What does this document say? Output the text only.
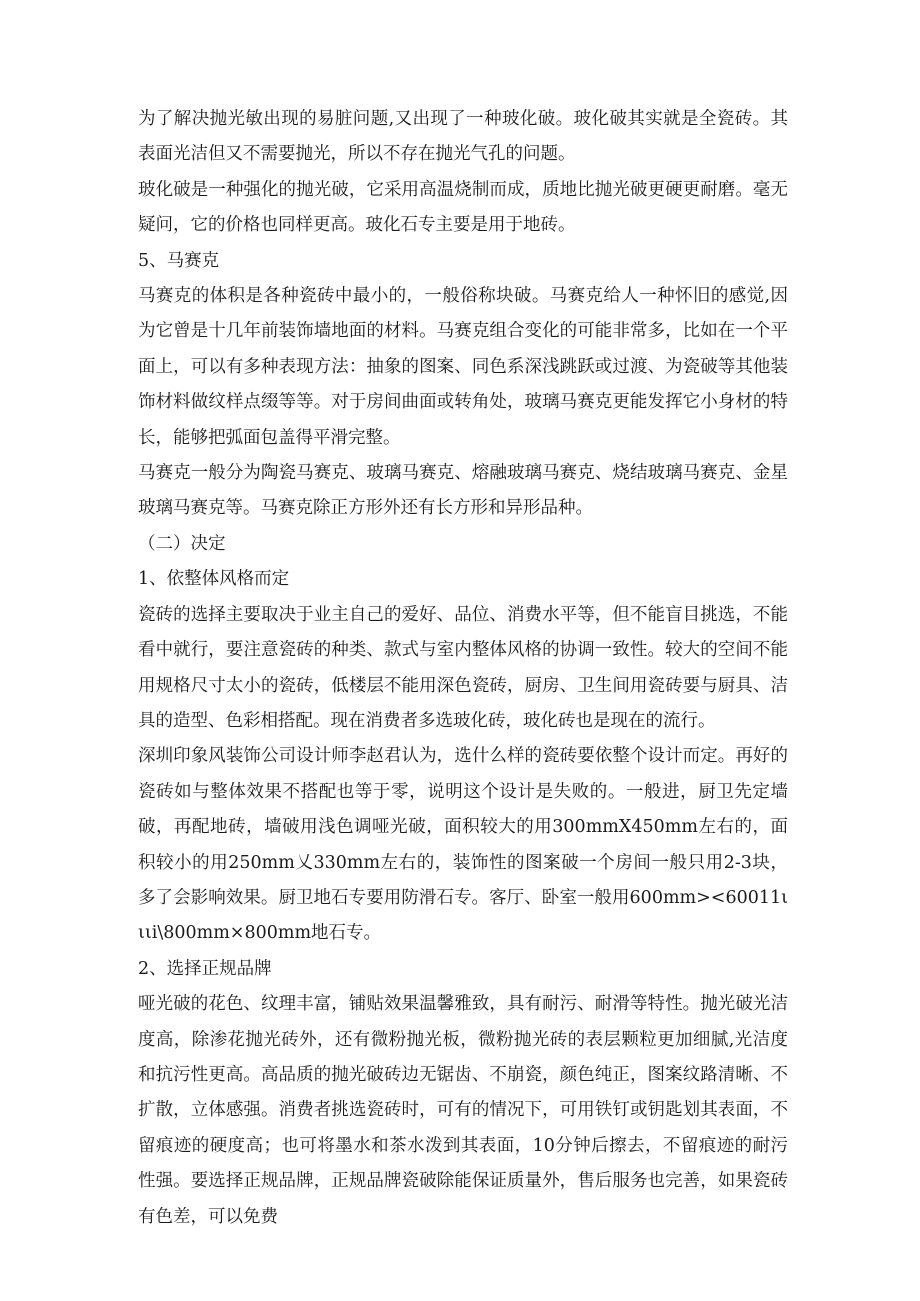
为了解决抛光敏出现的易脏问题,又出现了一种玻化破。玻化破其实就是全瓷砖。其表面光洁但又不需要抛光，所以不存在抛光气孔的问题。

玻化破是一种强化的抛光破，它采用高温烧制而成，质地比抛光破更硬更耐磨。毫无疑问，它的价格也同样更高。玻化石专主要是用于地砖。

5、马赛克

马赛克的体积是各种瓷砖中最小的，一般俗称块破。马赛克给人一种怀旧的感觉,因为它曾是十几年前装饰墙地面的材料。马赛克组合变化的可能非常多，比如在一个平面上，可以有多种表现方法：抽象的图案、同色系深浅跳跃或过渡、为瓷破等其他装饰材料做纹样点缀等等。对于房间曲面或转角处，玻璃马赛克更能发挥它小身材的特长，能够把弧面包盖得平滑完整。

马赛克一般分为陶瓷马赛克、玻璃马赛克、熔融玻璃马赛克、烧结玻璃马赛克、金星玻璃马赛克等。马赛克除正方形外还有长方形和异形品种。

（二）决定

1、依整体风格而定

瓷砖的选择主要取决于业主自己的爱好、品位、消费水平等，但不能盲目挑选，不能看中就行，要注意瓷砖的种类、款式与室内整体风格的协调一致性。较大的空间不能用规格尺寸太小的瓷砖，低楼层不能用深色瓷砖，厨房、卫生间用瓷砖要与厨具、洁具的造型、色彩相搭配。现在消费者多选玻化砖，玻化砖也是现在的流行。

深圳印象风装饰公司设计师李赵君认为，选什么样的瓷砖要依整个设计而定。再好的瓷砖如与整体效果不搭配也等于零，说明这个设计是失败的。一般进，厨卫先定墙破，再配地砖，墙破用浅色调哑光破，面积较大的用300mmX450mm左右的，面积较小的用250mm乂330mm左右的，装饰性的图案破一个房间一般只用2-3块，多了会影响效果。厨卫地石专要用防滑石专。客厅、卧室一般用600mm><60011ιιιi\800mm×800mm地石专。

2、选择正规品牌

哑光破的花色、纹理丰富，铺贴效果温馨雅致，具有耐污、耐滑等特性。抛光破光洁度高，除渗花抛光砖外，还有微粉抛光板，微粉抛光砖的表层颗粒更加细腻,光洁度和抗污性更高。高品质的抛光破砖边无锯齿、不崩瓷，颜色纯正，图案纹路清晰、不扩散，立体感强。消费者挑选瓷砖时，可有的情况下，可用铁钉或钥匙划其表面，不留痕迹的硬度高；也可将墨水和茶水泼到其表面，10分钟后擦去，不留痕迹的耐污性强。要选择正规品牌，正规品牌瓷破除能保证质量外，售后服务也完善，如果瓷砖有色差，可以免费
